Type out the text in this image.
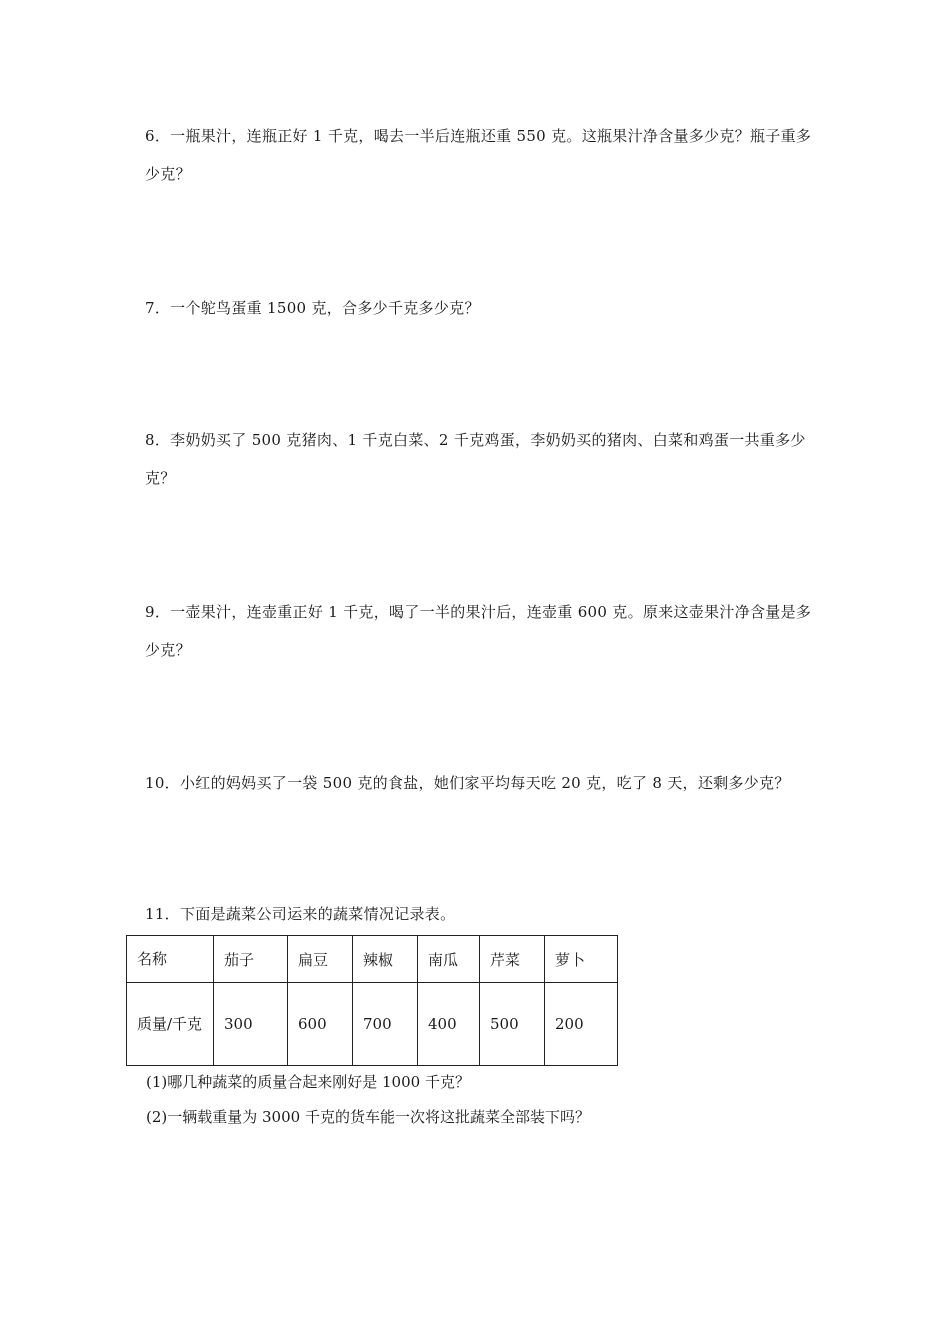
6．一瓶果汁，连瓶正好 1 千克，喝去一半后连瓶还重 550 克。这瓶果汁净含量多少克？瓶子重多少克？

7．一个鸵鸟蛋重 1500 克，合多少千克多少克？

8．李奶奶买了 500 克猪肉、1 千克白菜、2 千克鸡蛋，李奶奶买的猪肉、白菜和鸡蛋一共重多少克？

9．一壶果汁，连壶重正好 1 千克，喝了一半的果汁后，连壶重 600 克。原来这壶果汁净含量是多少克？

10．小红的妈妈买了一袋 500 克的食盐，她们家平均每天吃 20 克，吃了 8 天，还剩多少克？

11．下面是蔬菜公司运来的蔬菜情况记录表。

名称	茄子	扁豆	辣椒	南瓜	芹菜	萝卜
质量/千克	300	600	700	400	500	200

(1)哪几种蔬菜的质量合起来刚好是 1000 千克？

(2)一辆载重量为 3000 千克的货车能一次将这批蔬菜全部装下吗？
